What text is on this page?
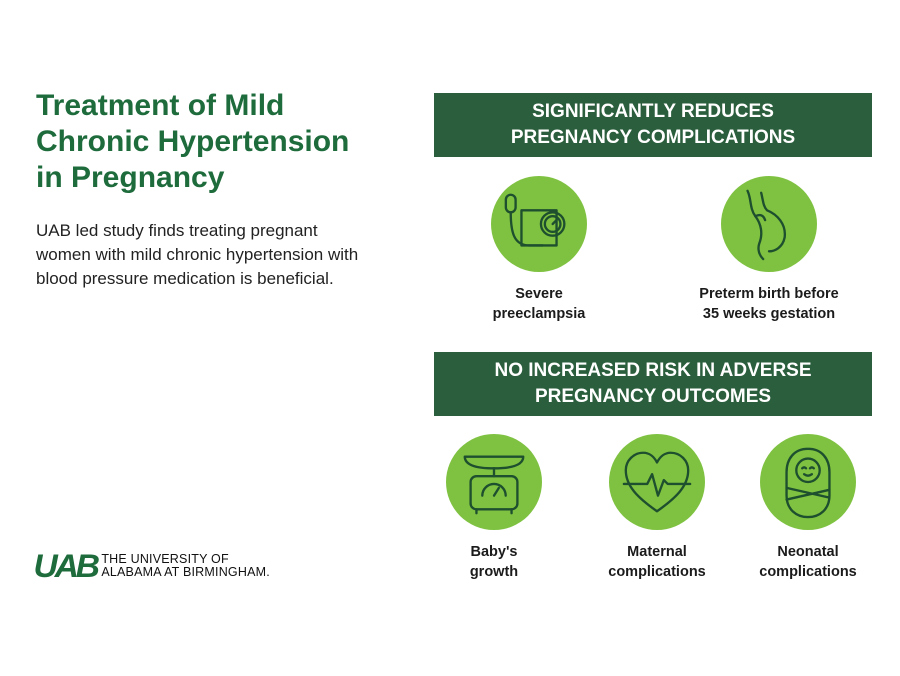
Treatment of Mild
Chronic Hypertension
in Pregnancy
UAB led study finds treating pregnant women with mild chronic hypertension with blood pressure medication is beneficial.
UAB THE UNIVERSITY OF
ALABAMA AT BIRMINGHAM.
SIGNIFICANTLY REDUCES
PREGNANCY COMPLICATIONS
Severe
preeclampsia
Preterm birth before
35 weeks gestation
NO INCREASED RISK IN ADVERSE
PREGNANCY OUTCOMES
Baby's
growth
Maternal
complications
Neonatal
complications
